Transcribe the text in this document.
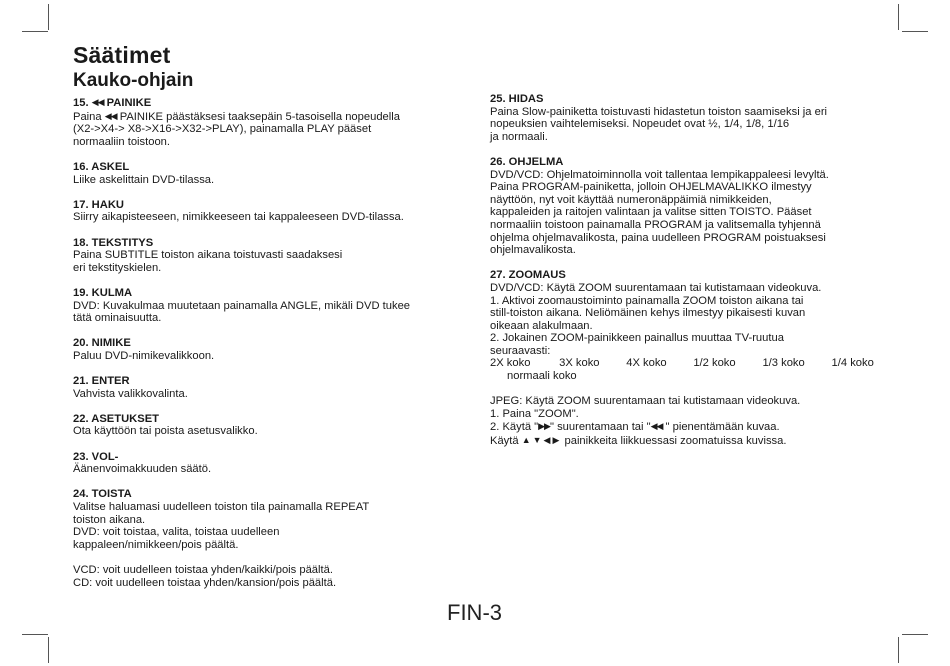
Säätimet
Kauko-ohjain
15. ◀◀ PAINIKE
Paina ◀◀ PAINIKE päästäksesi taaksepäin 5-tasoisella nopeudella
(X2->X4-> X8->X16->X32->PLAY), painamalla PLAY pääset
normaaliin toistoon.
16. ASKEL
Liike askelittain DVD-tilassa.
17. HAKU
Siirry aikapisteeseen, nimikkeeseen tai kappaleeseen DVD-tilassa.
18. TEKSTITYS
Paina SUBTITLE toiston aikana toistuvasti saadaksesi
eri tekstityskielen.
19. KULMA
DVD: Kuvakulmaa muutetaan painamalla ANGLE, mikäli DVD tukee
tätä ominaisuutta.
20. NIMIKE
Paluu DVD-nimikevalikkoon.
21. ENTER
Vahvista valikkovalinta.
22. ASETUKSET
Ota käyttöön tai poista asetusvalikko.
23. VOL-
Äänenvoimakkuuden säätö.
24. TOISTA
Valitse haluamasi uudelleen toiston tila painamalla REPEAT
toiston aikana.
DVD: voit toistaa, valita, toistaa uudelleen
kappaleen/nimikkeen/pois päältä.
VCD: voit uudelleen toistaa yhden/kaikki/pois päältä.
CD: voit uudelleen toistaa yhden/kansion/pois päältä.
25. HIDAS
Paina Slow-painiketta toistuvasti hidastetun toiston saamiseksi ja eri
nopeuksien vaihtelemiseksi. Nopeudet ovat ½, 1/4, 1/8, 1/16
ja normaali.
26. OHJELMA
DVD/VCD: Ohjelmatoiminnolla voit tallentaa lempikappaleesi levyltä.
Paina PROGRAM-painiketta, jolloin OHJELMAVALIKKO ilmestyy
näyttöön, nyt voit käyttää numeronäppäimiä nimikkeiden,
kappaleiden ja raitojen valintaan ja valitse sitten TOISTO. Pääset
normaaliin toistoon painamalla PROGRAM ja valitsemalla tyhjennä
ohjelma ohjelmavalikosta, paina uudelleen PROGRAM poistuaksesi
ohjelmavalikosta.
27. ZOOMAUS
DVD/VCD: Käytä ZOOM suurentamaan tai kutistamaan videokuva.
1. Aktivoi zoomaustoiminto painamalla ZOOM toiston aikana tai
still-toiston aikana. Neliömäinen kehys ilmestyy pikaisesti kuvan
oikeaan alakulmaan.
2. Jokainen ZOOM-painikkeen painallus muuttaa TV-ruutua
seuraavasti:
2X koko	3X koko 4X koko 1/2 koko 1/3 koko 1/4 koko
normaali koko
JPEG: Käytä ZOOM suurentamaan tai kutistamaan videokuva.
1. Paina "ZOOM".
2. Käytä "▶▶" suurentamaan tai "◀◀ " pienentämään kuvaa.
Käytä ▲▼◀▶ painikkeita liikkuessasi zoomatuissa kuvissa.
FIN-3
